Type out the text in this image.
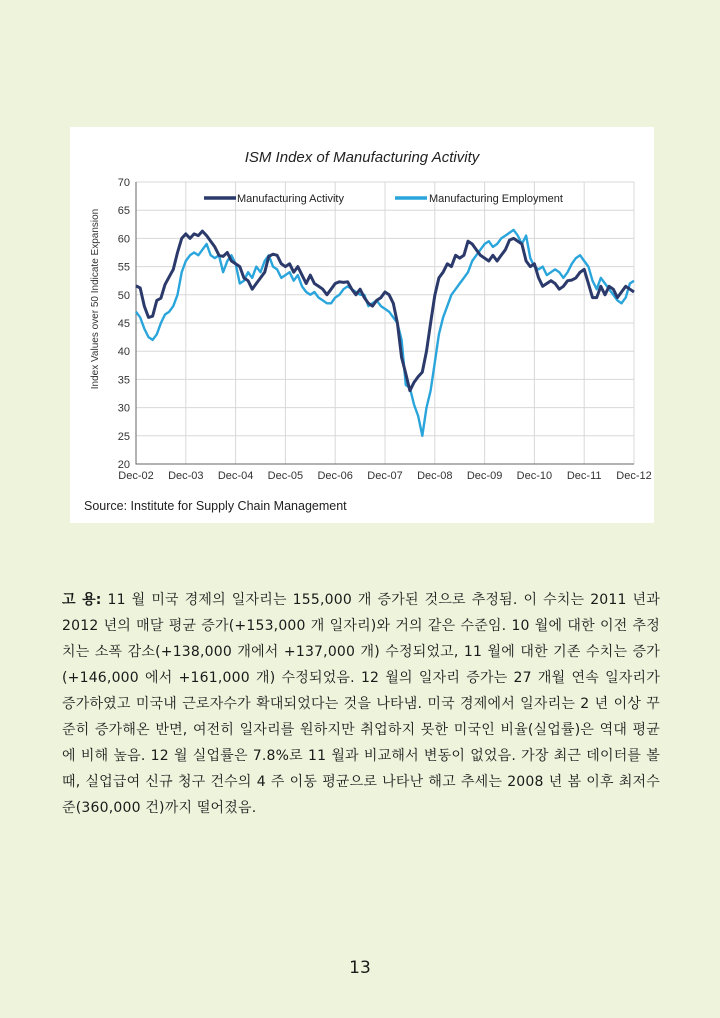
ISM Index of Manufacturing Activity
20
25
30
35
40
45
50
55
60
65
70
Dec-02 Dec-03 Dec-04 Dec-05 Dec-06 Dec-07 Dec-08 Dec-09 Dec-10 Dec-11 Dec-12
Manufacturing Activity	Manufacturing Employment
Index Values over 50 Indicate Expansion
Source: Institute for Supply Chain Management

고 용: 11 월 미국 경제의 일자리는 155,000 개 증가된 것으로 추정됨. 이 수치는 2011 년과 2012 년의 매달 평균 증가(+153,000 개 일자리)와 거의 같은 수준임. 10 월에 대한 이전 추정치는 소폭 감소(+138,000 개에서 +137,000 개) 수정되었고, 11 월에 대한 기존 수치는 증가(+146,000 에서 +161,000 개) 수정되었음. 12 월의 일자리 증가는 27 개월 연속 일자리가 증가하였고 미국내 근로자수가 확대되었다는 것을 나타냄. 미국 경제에서 일자리는 2 년 이상 꾸준히 증가해온 반면, 여전히 일자리를 원하지만 취업하지 못한 미국인 비율(실업률)은 역대 평균에 비해 높음. 12 월 실업률은 7.8%로 11 월과 비교해서 변동이 없었음. 가장 최근 데이터를 볼 때, 실업급여 신규 청구 건수의 4 주 이동 평균으로 나타난 해고 추세는 2008 년 봄 이후 최저수준(360,000 건)까지 떨어졌음.

13
